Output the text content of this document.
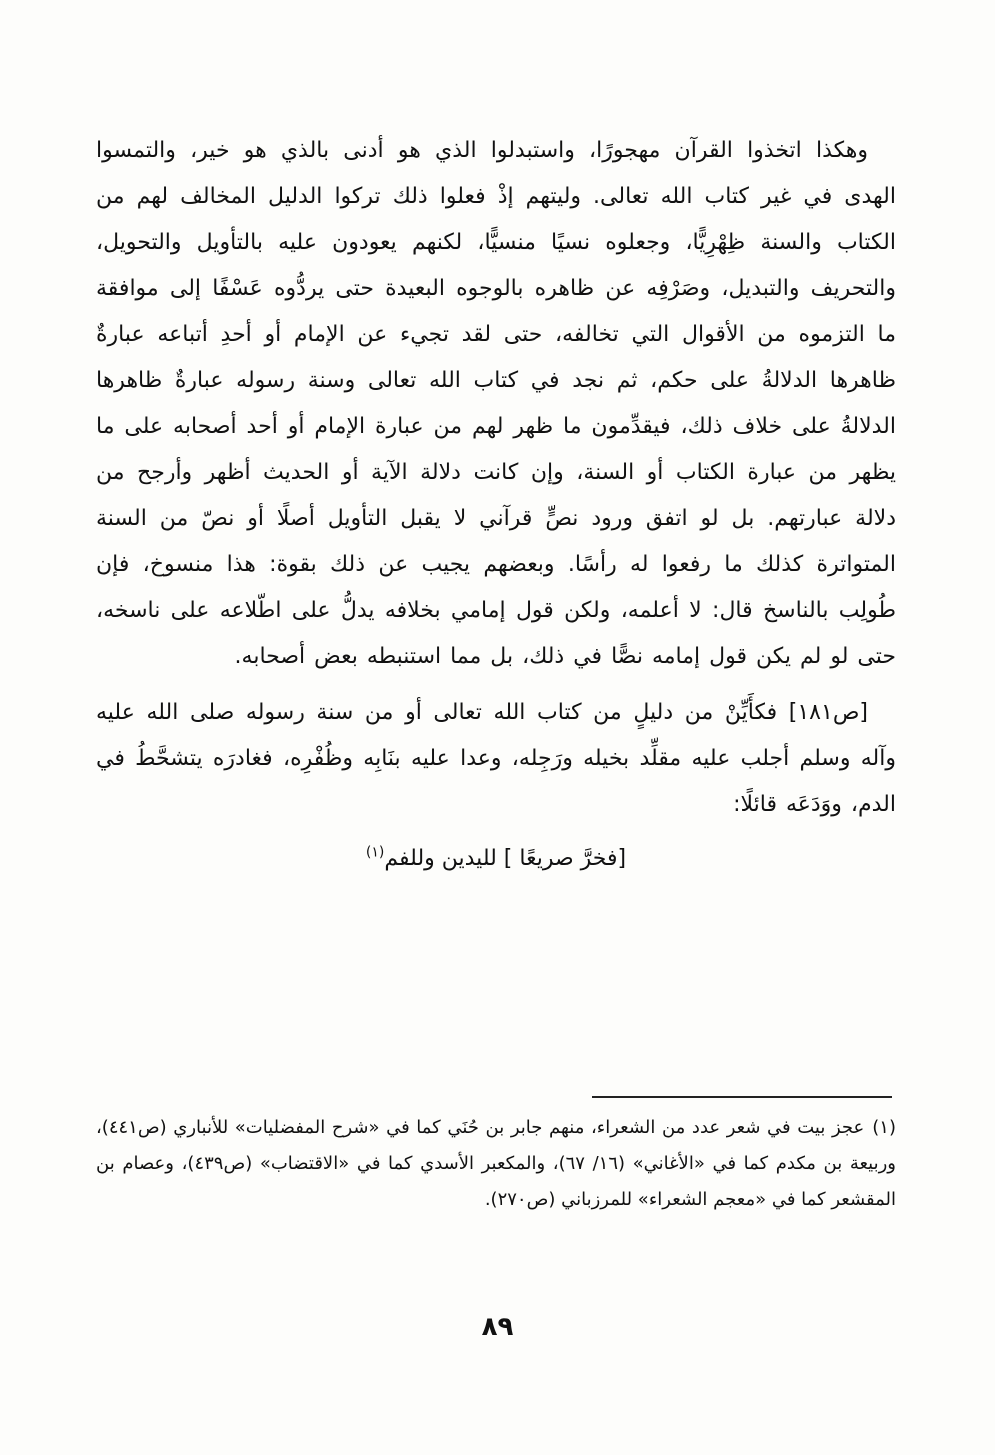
وهكذا اتخذوا القرآن مهجورًا، واستبدلوا الذي هو أدنى بالذي هو خير، والتمسوا الهدى في غير كتاب الله تعالى. وليتهم إذْ فعلوا ذلك تركوا الدليل المخالف لهم من الكتاب والسنة ظِهْرِيًّا، وجعلوه نسيًا منسيًّا، لكنهم يعودون عليه بالتأويل والتحويل، والتحريف والتبديل، وصَرْفِه عن ظاهره بالوجوه البعيدة حتى يردُّوه عَسْفًا إلى موافقة ما التزموه من الأقوال التي تخالفه، حتى لقد تجيء عن الإمام أو أحدِ أتباعه عبارةٌ ظاهرها الدلالةُ على حكم، ثم نجد في كتاب الله تعالى وسنة رسوله عبارةٌ ظاهرها الدلالةُ على خلاف ذلك، فيقدِّمون ما ظهر لهم من عبارة الإمام أو أحد أصحابه على ما يظهر من عبارة الكتاب أو السنة، وإن كانت دلالة الآية أو الحديث أظهر وأرجح من دلالة عبارتهم. بل لو اتفق ورود نصٍّ قرآني لا يقبل التأويل أصلًا أو نصّ من السنة المتواترة كذلك ما رفعوا له رأسًا. وبعضهم يجيب عن ذلك بقوة: هذا منسوخ، فإن طُولِب بالناسخ قال: لا أعلمه، ولكن قول إمامي بخلافه يدلُّ على اطّلاعه على ناسخه، حتى لو لم يكن قول إمامه نصًّا في ذلك، بل مما استنبطه بعض أصحابه.

[ص١٨١] فكأَيِّنْ من دليلٍ من كتاب الله تعالى أو من سنة رسوله صلى الله عليه وآله وسلم أجلب عليه مقلِّد بخيله ورَجِله، وعدا عليه بنَابِه وظُفْرِه، فغادرَه يتشحَّطُ في الدم، ووَدَعَه قائلًا:

[فخرَّ صريعًا ] لليدين وللفم$^{(١)}$

(١)عجز بيت في شعر عدد من الشعراء، منهم جابر بن حُنَي كما في «شرح المفضليات» للأنباري (ص٤٤١)، وربيعة بن مكدم كما في «الأغاني» (١٦/ ٦٧)، والمكعبر الأسدي كما في «الاقتضاب» (ص٤٣٩)، وعصام بن المقشعر كما في «معجم الشعراء» للمرزباني (ص٢٧٠).

٨٩
